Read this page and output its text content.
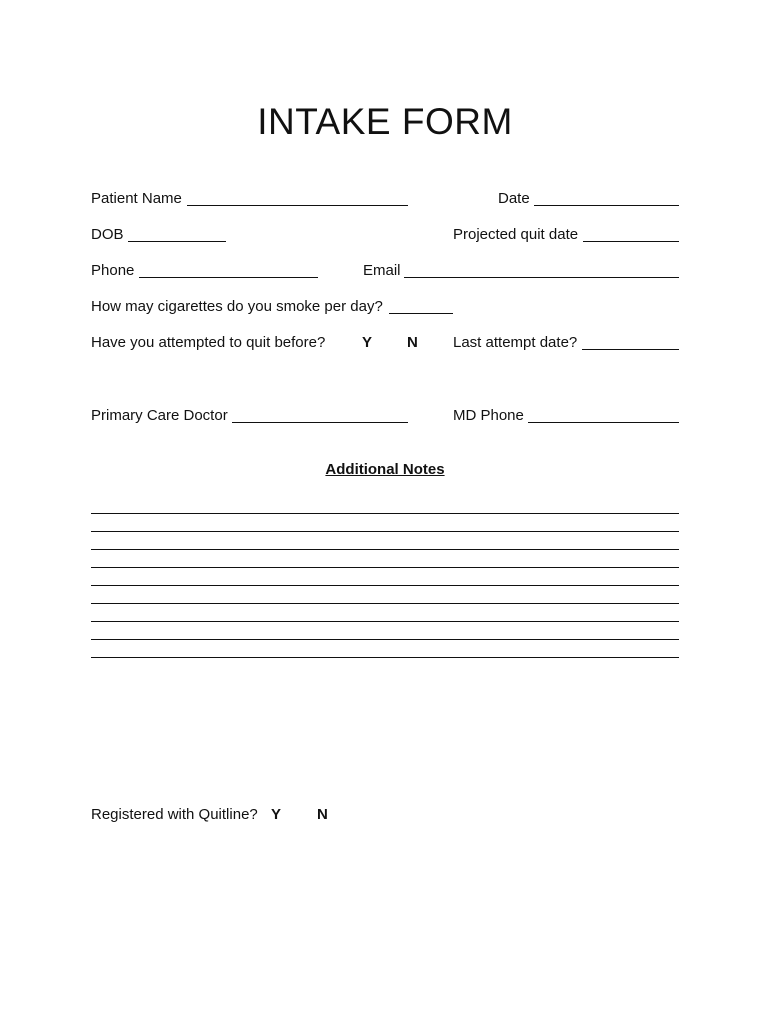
INTAKE FORM
Patient Name	Date
DOB	Projected quit date
Phone	Email
How may cigarettes do you smoke per day?
Have you attempted to quit before? Y N Last attempt date?
Primary Care Doctor	MD Phone
Additional Notes
Registered with Quitline? Y N
